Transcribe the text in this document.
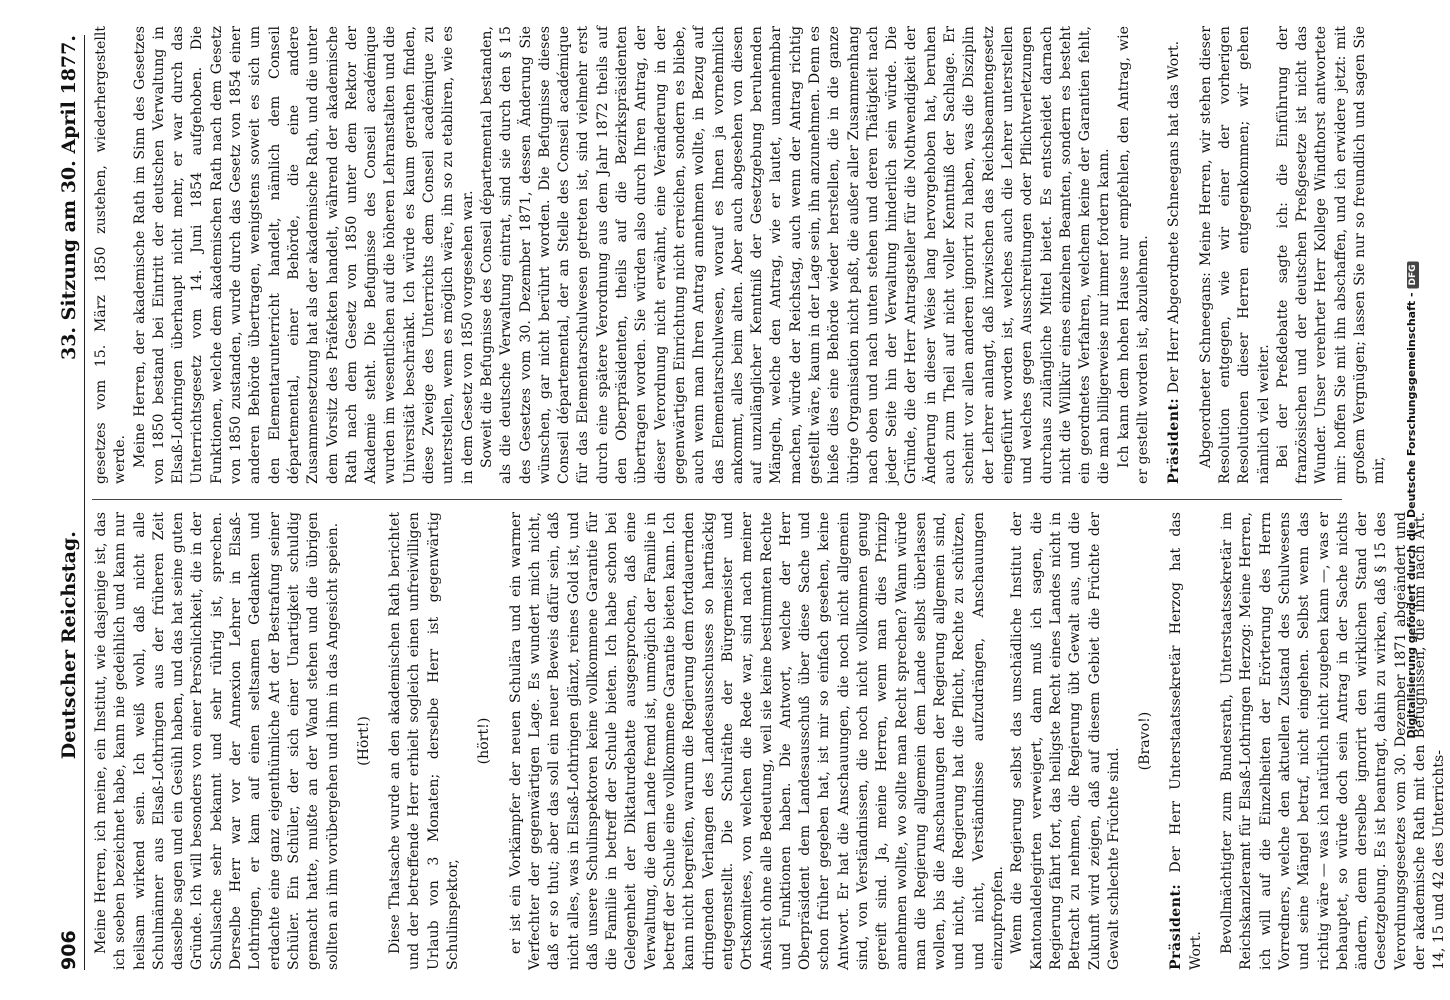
906
Deutscher Reichstag.
33. Sitzung am 30. April 1877.

Meine Herren, ich meine, ein Institut, wie dasjenige ist, das ich soeben bezeichnet habe, kann nie gedeihlich und kann nur heilsam wirkend sein. Ich weiß wohl, daß nicht alle Schulmänner aus Elsaß-Lothringen aus der früheren Zeit dasselbe sagen und ein Gesühl haben, und das hat seine guten Gründe. Ich will besonders von einer Persönlichkeit, die in der Schulsache sehr bekannt und sehr rührig ist, sprechen. Derselbe Herr war vor der Annexion Lehrer in Elsaß-Lothringen, er kam auf einen seltsamen Gedanken und erdachte eine ganz eigenthümliche Art der Bestrafung seiner Schüler. Ein Schüler, der sich einer Unartigkeit schuldig gemacht hatte, mußte an der Wand stehen und die übrigen sollten an ihm vorübergehen und ihm in das Angesicht speien. (Hört!) Diese Thatsache wurde an den akademischen Rath berichtet und der betreffende Herr erhielt sogleich einen unfreiwilligen Urlaub von 3 Monaten; derselbe Herr ist gegenwärtig Schulinspektor,

(hört!) er ist ein Vorkämpfer der neuen Schulära und ein warmer Verfechter der gegenwärtigen Lage. Es wundert mich nicht, daß er so thut; aber das soll ein neuer Beweis dafür sein, daß nicht alles, was in Elsaß-Lothringen glänzt, reines Gold ist, und daß unsere Schulinspektoren keine vollkommene Garantie für die Familie in betreff der Schule bieten. Ich habe schon bei Gelegenheit der Diktaturdebatte ausgesprochen, daß eine Verwaltung, die dem Lande fremd ist, unmöglich der Familie in betreff der Schule eine vollkommene Garantie bieten kann. Ich kann nicht begreifen, warum die Regierung dem fortdauernden dringenden Verlangen des Landesausschusses so hartnäckig entgegenstellt. Die Schulräthe der Bürgermeister und Ortskomitees, von welchen die Rede war, sind nach meiner Ansicht ohne alle Bedeutung, weil sie keine bestimmten Rechte und Funktionen haben. Die Antwort, welche der Herr Oberpräsident dem Landesausschuß über diese Sache und schon früher gegeben hat, ist mir so einfach gesehen, keine Antwort. Er hat die Anschauungen, die noch nicht allgemein sind, von Verständnissen, die noch nicht vollkommen genug gereift sind. Ja, meine Herren, wenn man dies Prinzip annehmen wollte, wo sollte man Recht sprechen? Wann würde man die Regierung allgemein dem Lande selbst überlassen wollen, bis die Anschauungen der Regierung allgemein sind, und nicht, die Regierung hat die Pflicht, Rechte zu schützen, und nicht, Verständnisse aufzudrängen, Anschauungen einzupfropfen. Wenn die Regierung selbst das unschädliche Institut der Kantonaldelegirten verweigert, dann muß ich sagen, die Regierung fährt fort, das heiligste Recht eines Landes nicht in Betracht zu nehmen, die Regierung übt Gewalt aus, und die Zukunft wird zeigen, daß auf diesem Gebiet die Früchte der Gewalt schlechte Früchte sind.

(Bravo!)

Präsident: Der Herr Unterstaatssekretär Herzog hat das Wort. Bevollmächtigter zum Bundesrath, Unterstaatssekretär im Reichskanzleramt für Elsaß-Lothringen Herzog: Meine Herren, ich will auf die Einzelheiten der Erörterung des Herrn Vorredners, welche den aktuellen Zustand des Schulwesens und seine Mängel betraf, nicht eingehen. Selbst wenn das richtig wäre — was ich natürlich nicht zugeben kann —, was er behauptet, so würde doch sein Antrag in der Sache nichts ändern, denn derselbe ignorirt den wirklichen Stand der Gesetzgebung. Es ist beantragt, dahin zu wirken, daß § 15 des Verordnungsgesetzes vom 30. Dezember 1871 abgeändert und der akademische Rath mit den Befugnissen, die ihm nach Art. 14, 15 und 42 des Unterrichts-

gesetzes vom 15. März 1850 zustehen, wiederhergestellt werde. Meine Herren, der akademische Rath im Sinn des Gesetzes von 1850 bestand bei Eintritt der deutschen Verwaltung in Elsaß-Lothringen überhaupt nicht mehr, er war durch das Unterrichtsgesetz vom 14. Juni 1854 aufgehoben. Die Funktionen, welche dem akademischen Rath nach dem Gesetz von 1850 zustanden, wurde durch das Gesetz von 1854 einer anderen Behörde übertragen, wenigstens soweit es sich um den Elementarunterricht handelt, nämlich dem Conseil départemental, einer Behörde, die eine andere Zusammensetzung hat als der akademische Rath, und die unter dem Vorsitz des Präfekten handelt, während der akademische Rath nach dem Gesetz von 1850 unter dem Rektor der Akademie steht. Die Befugnisse des Conseil académique wurden im wesentlichen auf die höheren Lehranstalten und die Universität beschränkt. Ich würde es kaum gerathen finden, diese Zweige des Unterrichts dem Conseil académique zu unterstellen, wenn es möglich wäre, ihn so zu etabliren, wie es in dem Gesetz von 1850 vorgesehen war. Soweit die Befugnisse des Conseil départemental bestanden, als die deutsche Verwaltung eintrat, sind sie durch den § 15 des Gesetzes vom 30. Dezember 1871, dessen Änderung Sie wünschen, gar nicht berührt worden. Die Befugnisse dieses Conseil départemental, der an Stelle des Conseil académique für das Elementarschulwesen getreten ist, sind vielmehr erst durch eine spätere Verordnung aus dem Jahr 1872 theils auf den Oberpräsidenten, theils auf die Bezirkspräsidenten übertragen worden. Sie würden also durch Ihren Antrag, der dieser Verordnung nicht erwähnt, eine Veränderung in der gegenwärtigen Einrichtung nicht erreichen, sondern es bliebe, auch wenn man Ihren Antrag annehmen wollte, in Bezug auf das Elementarschulwesen, worauf es Ihnen ja vornehmlich ankommt, alles beim alten. Aber auch abgesehen von diesen auf unzulänglicher Kenntniß der Gesetzgebung beruhenden Mängeln, welche den Antrag, wie er lautet, unannehmbar machen, würde der Reichstag, auch wenn der Antrag richtig gestellt wäre, kaum in der Lage sein, ihn anzunehmen. Denn es hieße dies eine Behörde wieder herstellen, die in die ganze übrige Organisation nicht paßt, die außer aller Zusammenhang nach oben und nach unten stehen und deren Thätigkeit nach jeder Seite hin der Verwaltung hinderlich sein würde. Die Gründe, die der Herr Antragsteller für die Nothwendigkeit der Änderung in dieser Weise lang hervorgehoben hat, beruhen auch zum Theil auf nicht voller Kenntniß der Sachlage. Er scheint vor allen anderen ignorirt zu haben, was die Disziplin der Lehrer anlangt, daß inzwischen das Reichsbeamtengesetz eingeführt worden ist, welches auch die Lehrer unterstellen und welches gegen Ausschreitungen oder Pflichtverletzungen durchaus zulängliche Mittel bietet. Es entscheidet darnach nicht die Willkür eines einzelnen Beamten, sondern es besteht ein geordnetes Verfahren, welchem keine der Garantien fehlt, die man billigerweise nur immer fordern kann. Ich kann dem hohen Hause nur empfehlen, den Antrag, wie er gestellt worden ist, abzulehnen. Präsident: Der Herr Abgeordnete Schneegans hat das Wort. Abgeordneter Schneegans: Meine Herren, wir stehen dieser Resolution entgegen, wie wir einer der vorherigen Resolutionen dieser Herren entgegenkommen; wir gehen nämlich viel weiter. Bei der Preßdebatte sagte ich: die Einführung der französischen und der deutschen Preßgesetze ist nicht das Wunder. Unser verehrter Herr Kollege Windthorst antwortete mir: hoffen Sie mit ihn abschaffen, und ich erwidere jetzt: mit großem Vergnügen; lassen Sie nur so freundlich und sagen Sie mir, Digitalisierung gefördert durch die Deutsche Forschungsgemeinschaft -DFG
